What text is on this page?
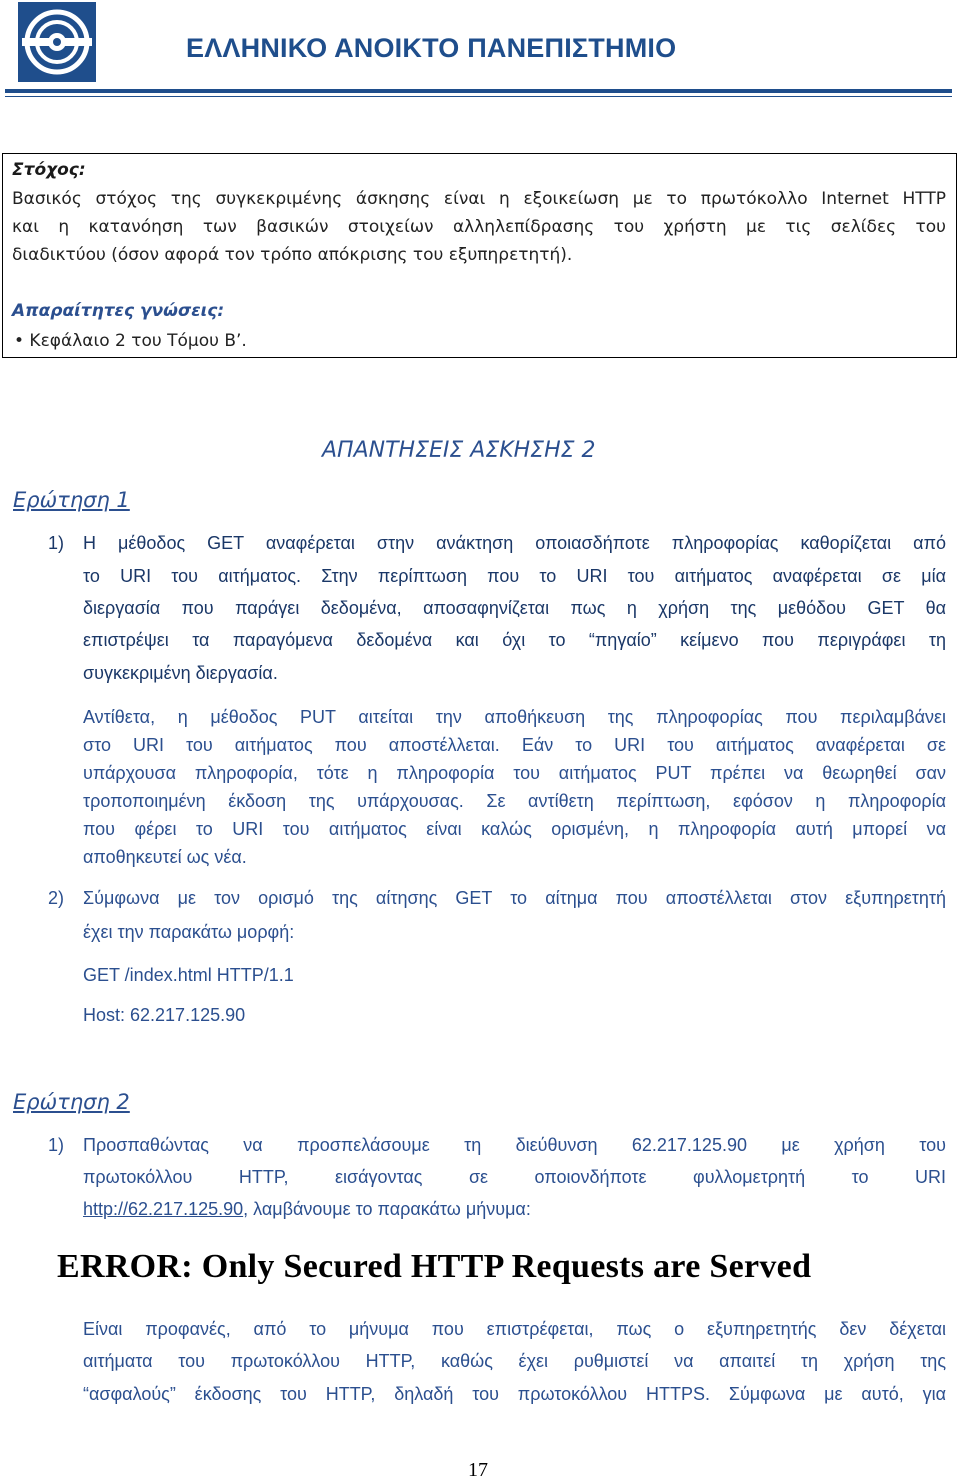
ΕΛΛΗΝΙΚΟ ΑΝΟΙΚΤΟ ΠΑΝΕΠΙΣΤΗΜΙΟ
Στόχος:
Βασικός στόχος της συγκεκριμένης άσκησης είναι η εξοικείωση με το πρωτόκολλο Internet HTTP
και η κατανόηση των βασικών στοιχείων αλληλεπίδρασης του χρήστη με τις σελίδες του
διαδικτύου (όσον αφορά τον τρόπο απόκρισης του εξυπηρετητή).
Απαραίτητες γνώσεις:
• Κεφάλαιο 2 του Τόμου Β’.
ΑΠΑΝΤΗΣΕΙΣ ΑΣΚΗΣΗΣ 2
Ερώτηση 1
1) Η μέθοδος GET αναφέρεται στην ανάκτηση οποιασδήποτε πληροφορίας καθορίζεται από
το URI του αιτήματος. Στην περίπτωση που το URI του αιτήματος αναφέρεται σε μία
διεργασία που παράγει δεδομένα, αποσαφηνίζεται πως η χρήση της μεθόδου GET θα
επιστρέψει τα παραγόμενα δεδομένα και όχι το “πηγαίο” κείμενο που περιγράφει τη
συγκεκριμένη διεργασία.
Αντίθετα, η μέθοδος PUT αιτείται την αποθήκευση της πληροφορίας που περιλαμβάνει
στο URI του αιτήματος που αποστέλλεται. Εάν το URI του αιτήματος αναφέρεται σε
υπάρχουσα πληροφορία, τότε η πληροφορία του αιτήματος PUT πρέπει να θεωρηθεί σαν
τροποποιημένη έκδοση της υπάρχουσας. Σε αντίθετη περίπτωση, εφόσον η πληροφορία
που φέρει το URI του αιτήματος είναι καλώς ορισμένη, η πληροφορία αυτή μπορεί να
αποθηκευτεί ως νέα.
2) Σύμφωνα με τον ορισμό της αίτησης GET το αίτημα που αποστέλλεται στον εξυπηρετητή
έχει την παρακάτω μορφή:
GET /index.html HTTP/1.1
Host: 62.217.125.90
Ερώτηση 2
1) Προσπαθώντας να προσπελάσουμε τη διεύθυνση 62.217.125.90 με χρήση του
πρωτοκόλλου HTTP, εισάγοντας σε οποιονδήποτε φυλλομετρητή το URI
http://62.217.125.90, λαμβάνουμε το παρακάτω μήνυμα:
ERROR: Only Secured HTTP Requests are Served
Είναι προφανές, από το μήνυμα που επιστρέφεται, πως ο εξυπηρετητής δεν δέχεται
αιτήματα του πρωτοκόλλου HTTP, καθώς έχει ρυθμιστεί να απαιτεί τη χρήση της
“ασφαλούς” έκδοσης του HTTP, δηλαδή του πρωτοκόλλου HTTPS. Σύμφωνα με αυτό, για
17
